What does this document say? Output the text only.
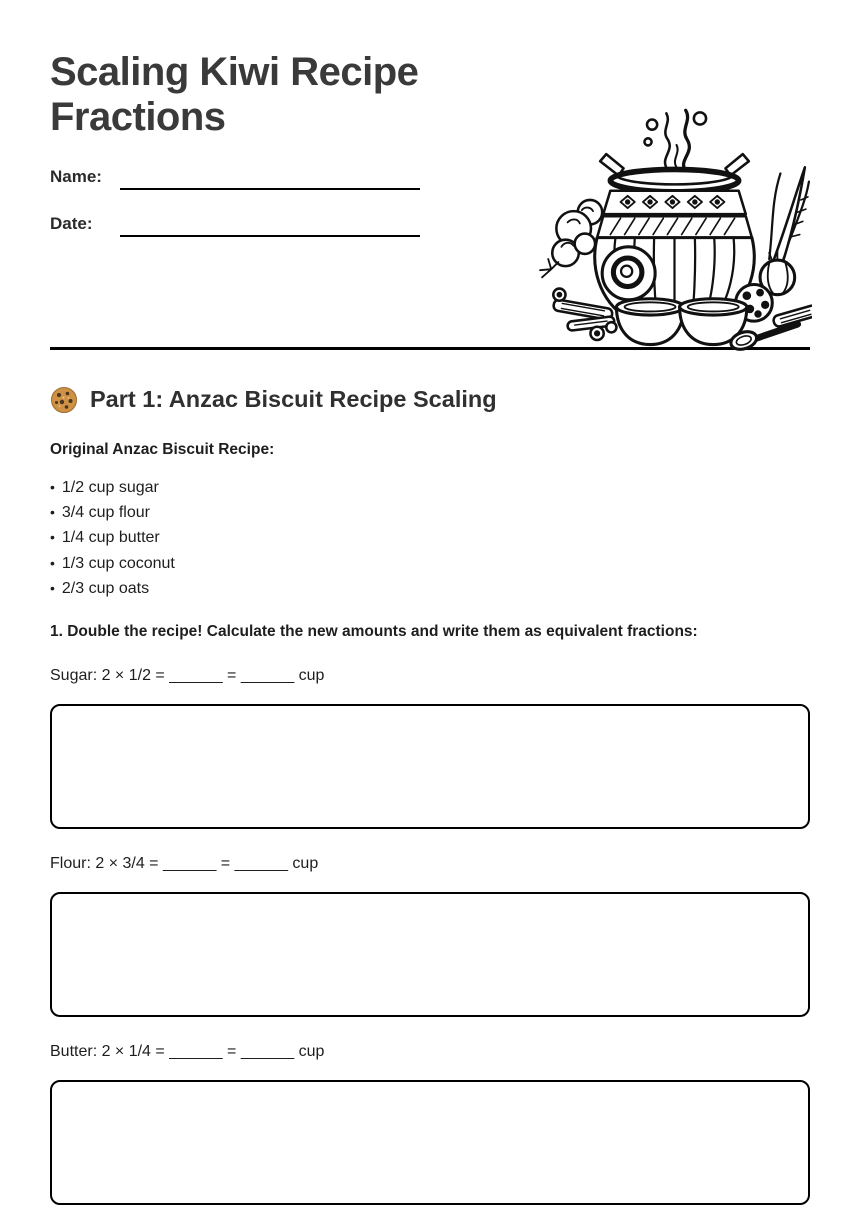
Scaling Kiwi Recipe Fractions
Name:
Date:
Part 1: Anzac Biscuit Recipe Scaling

Original Anzac Biscuit Recipe:

• 1/2 cup sugar
• 3/4 cup flour
• 1/4 cup butter
• 1/3 cup coconut
• 2/3 cup oats

1. Double the recipe! Calculate the new amounts and write them as equivalent fractions:

Sugar: 2 × 1/2 = ______ = ______ cup

Flour: 2 × 3/4 = ______ = ______ cup

Butter: 2 × 1/4 = ______ = ______ cup
